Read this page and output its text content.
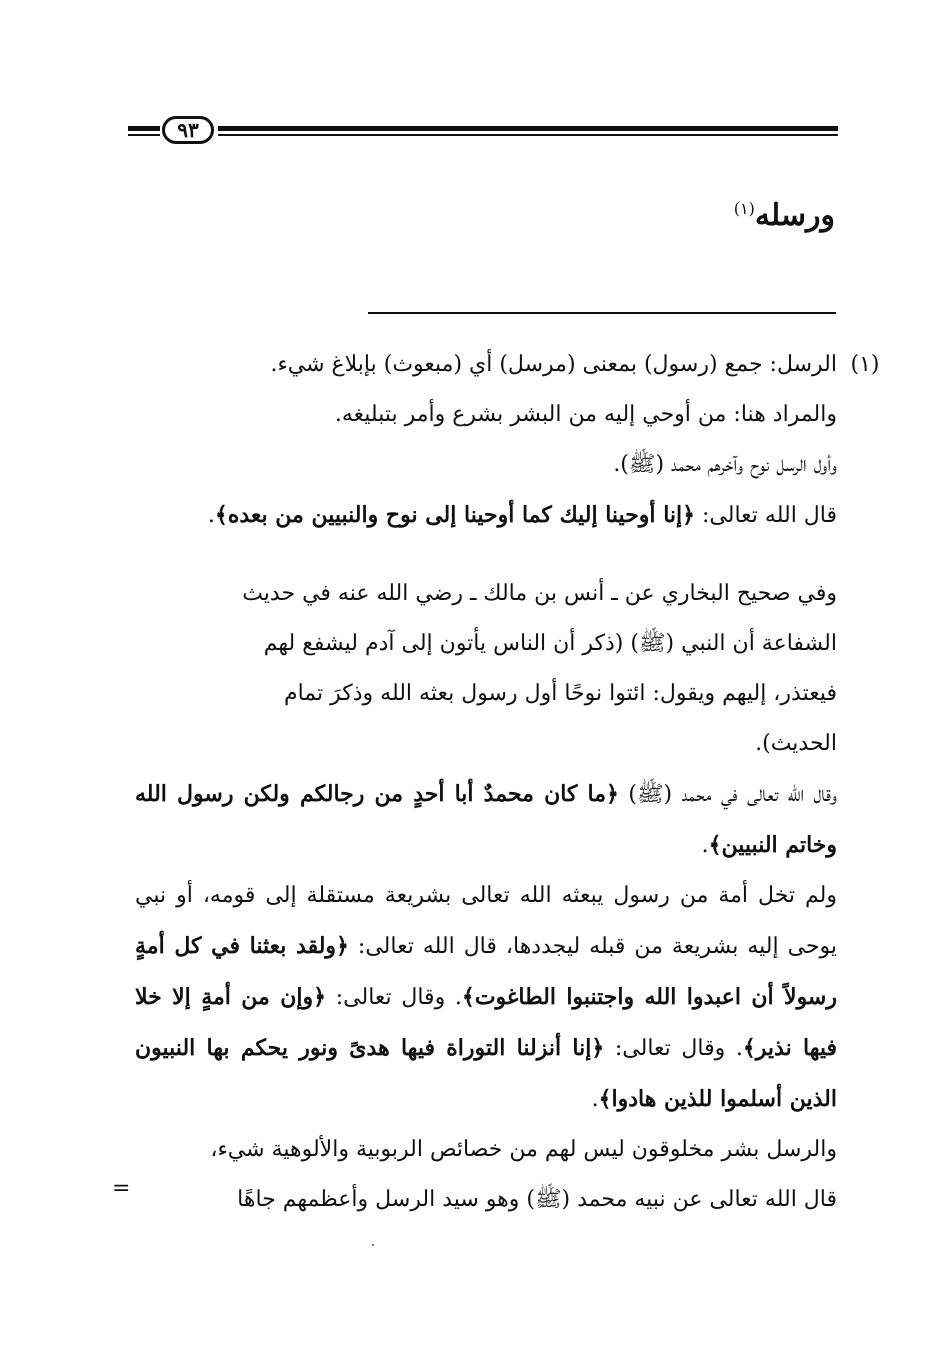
٩٣
ورسله$^{(١)}$
(١)
الرسل: جمع (رسول) بمعنى (مرسل) أي (مبعوث) بإبلاغ شيء.
والمراد هنا: من أوحي إليه من البشر بشرع وأمر بتبليغه.
وأول الرسل نوح وآخرهم محمد (ﷺ).
قال الله تعالى: ﴿إنا أوحينا إليك كما أوحينا إلى نوح والنبيين من بعده﴾.
وفي صحيح البخاري عن ـ أنس بن مالك ـ رضي الله عنه في حديث
الشفاعة أن النبي (ﷺ) (ذكر أن الناس يأتون إلى آدم ليشفع لهم
فيعتذر، إليهم ويقول: ائتوا نوحًا أول رسول بعثه الله وذكرَ تمام
الحديث).
وقال الله تعالى في محمد (ﷺ) ﴿ما كان محمدٌ أبا أحدٍ من رجالكم ولكن رسول الله وخاتم النبيين﴾.
ولم تخل أمة من رسول يبعثه الله تعالى بشريعة مستقلة إلى قومه، أو نبي يوحى إليه بشريعة من قبله ليجددها، قال الله تعالى: ﴿ولقد بعثنا في كل أمةٍ رسولاً أن اعبدوا الله واجتنبوا الطاغوت﴾. وقال تعالى: ﴿وإن من أمةٍ إلا خلا فيها نذير﴾. وقال تعالى: ﴿إنا أنزلنا التوراة فيها هدىً ونور يحكم بها النبيون الذين أسلموا للذين هادوا﴾.
والرسل بشر مخلوقون ليس لهم من خصائص الربوبية والألوهية شيء،
قال الله تعالى عن نبيه محمد (ﷺ) وهو سيد الرسل وأعظمهم جاهًا
=
